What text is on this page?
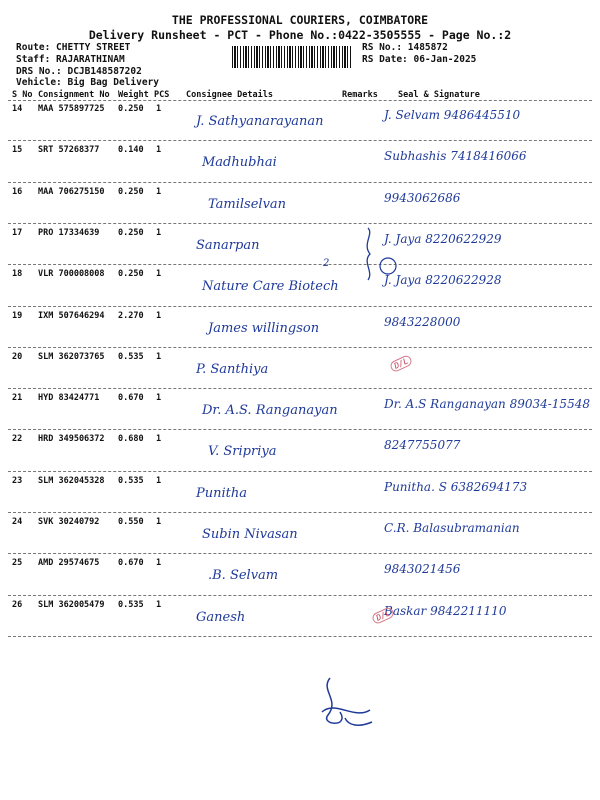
THE PROFESSIONAL COURIERS, COIMBATORE
Delivery Runsheet - PCT - Phone No.:0422-3505555 - Page No.:2
Route: CHETTY STREET
Staff: RAJARATHINAM
DRS No.: DCJB148587202
Vehicle: Big Bag Delivery
RS No.: 1485872
RS Date: 06-Jan-2025
S No Consignment No Weight PCS Consignee Details	Remarks Seal & Signature
14 MAA 575897725 0.250 1
J. Sathyanarayanan	J. Selvam 9486445510
15 SRT 57268377 0.140 1
Madhubhai	Subhashis 7418416066
16 MAA 706275150 0.250 1
Tamilselvan	9943062686
17 PRO 17334639 0.250 1
Sanarpan	J. Jaya 8220622929
18 VLR 700008008 0.250 1
Nature Care Biotech	J. Jaya 8220622928
19 IXM 507646294 2.270 1
James willingson	9843228000
20 SLM 362073765 0.535 1
P. Santhiya
21 HYD 83424771 0.670 1
Dr. A.S. Ranganayan	Dr. A.S Ranganayan 89034-15548
22 HRD 349506372 0.680 1
V. Sripriya	8247755077
23 SLM 362045328 0.535 1
Punitha	Punitha. S 6382694173
24 SVK 30240792 0.550 1
Subin Nivasan	C.R. Balasubramanian
25 AMD 29574675 0.670 1
.B. Selvam	9843021456
26 SLM 362005479 0.535 1
Ganesh	Baskar 9842211110
2
D/L
D/L
